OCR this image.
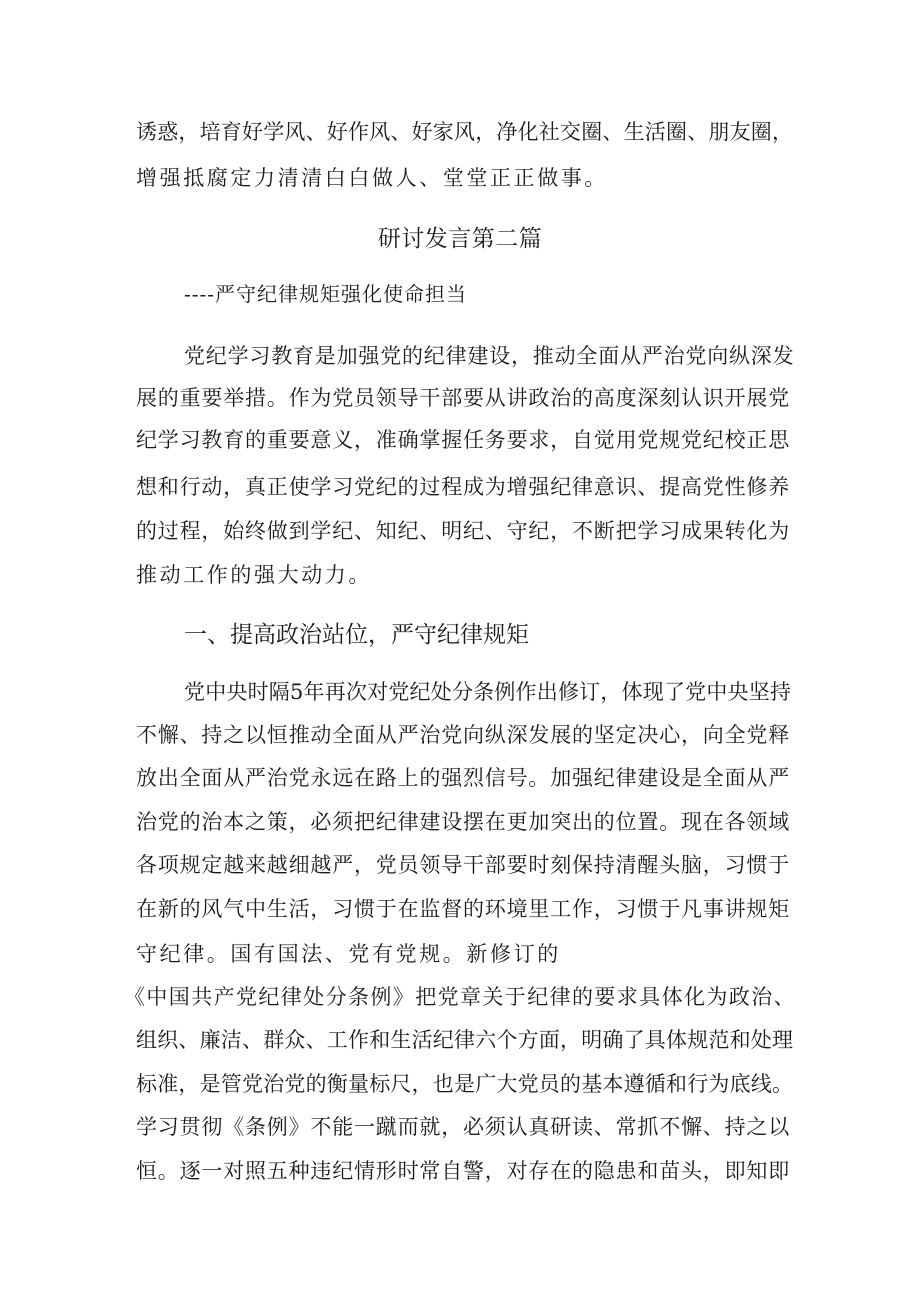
诱惑，培育好学风、好作风、好家风，净化社交圈、生活圈、朋友圈，
增强抵腐定力清清白白做人、堂堂正正做事。
研讨发言第二篇
----严守纪律规矩强化使命担当
党纪学习教育是加强党的纪律建设，推动全面从严治党向纵深发
展的重要举措。作为党员领导干部要从讲政治的高度深刻认识开展党
纪学习教育的重要意义，准确掌握任务要求，自觉用党规党纪校正思
想和行动，真正使学习党纪的过程成为增强纪律意识、提高党性修养
的过程，始终做到学纪、知纪、明纪、守纪，不断把学习成果转化为
推动工作的强大动力。
一、提高政治站位，严守纪律规矩
党中央时隔5年再次对党纪处分条例作出修订，体现了党中央坚持
不懈、持之以恒推动全面从严治党向纵深发展的坚定决心，向全党释
放出全面从严治党永远在路上的强烈信号。加强纪律建设是全面从严
治党的治本之策，必须把纪律建设摆在更加突出的位置。现在各领域
各项规定越来越细越严，党员领导干部要时刻保持清醒头脑，习惯于
在新的风气中生活，习惯于在监督的环境里工作，习惯于凡事讲规矩
守纪律。国有国法、党有党规。新修订的
《中国共产党纪律处分条例》把党章关于纪律的要求具体化为政治、
组织、廉洁、群众、工作和生活纪律六个方面，明确了具体规范和处理
标准，是管党治党的衡量标尺，也是广大党员的基本遵循和行为底线。
学习贯彻《条例》不能一蹴而就，必须认真研读、常抓不懈、持之以
恒。逐一对照五种违纪情形时常自警，对存在的隐患和苗头，即知即
